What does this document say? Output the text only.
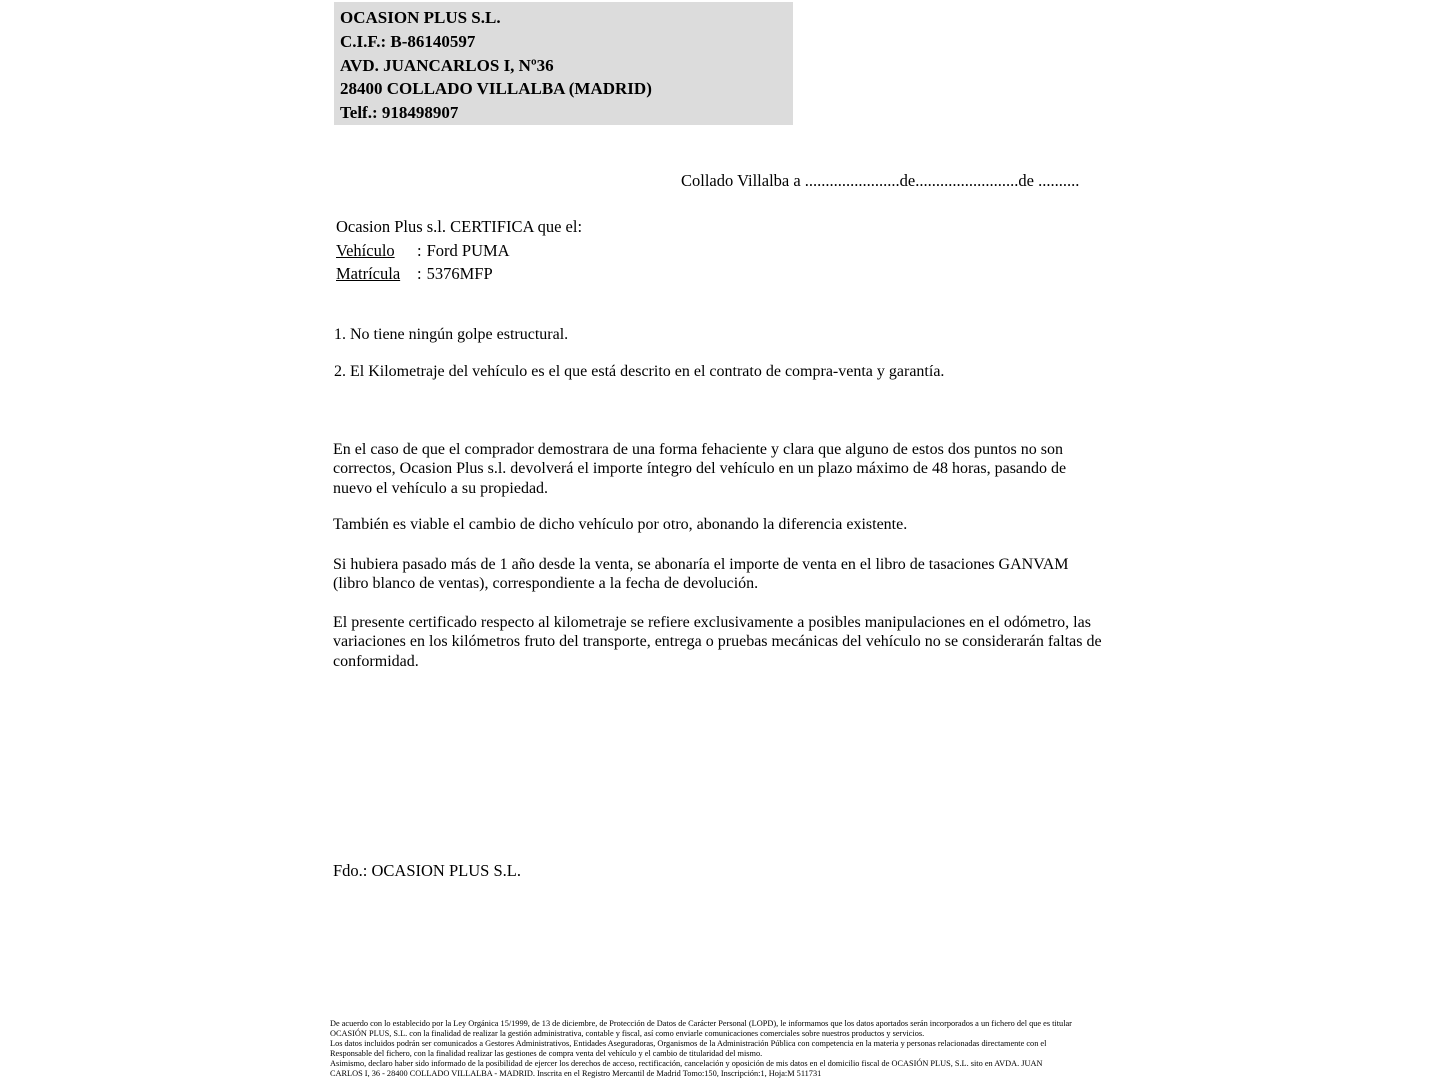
OCASION PLUS S.L.
C.I.F.: B-86140597
AVD. JUANCARLOS I, Nº36
28400 COLLADO VILLALBA (MADRID)
Telf.: 918498907
Collado Villalba a .......................de.........................de ..........
Ocasion Plus s.l. CERTIFICA que el:
Vehículo : Ford PUMA
Matrícula : 5376MFP
1. No tiene ningún golpe estructural.
2. El Kilometraje del vehículo es el que está descrito en el contrato de compra-venta y garantía.
En el caso de que el comprador demostrara de una forma fehaciente y clara que alguno de estos dos puntos no son correctos, Ocasion Plus s.l. devolverá el importe íntegro del vehículo en un plazo máximo de 48 horas, pasando de nuevo el vehículo a su propiedad.
También es viable el cambio de dicho vehículo por otro, abonando la diferencia existente.
Si hubiera pasado más de 1 año desde la venta, se abonaría el importe de venta en el libro de tasaciones GANVAM (libro blanco de ventas), correspondiente a la fecha de devolución.
El presente certificado respecto al kilometraje se refiere exclusivamente a posibles manipulaciones en el odómetro, las variaciones en los kilómetros fruto del transporte, entrega o pruebas mecánicas del vehículo no se considerarán faltas de conformidad.
Fdo.: OCASION PLUS S.L.
De acuerdo con lo establecido por la Ley Orgánica 15/1999, de 13 de diciembre, de Protección de Datos de Carácter Personal (LOPD), le informamos que los datos aportados serán incorporados a un fichero del que es titular
OCASIÓN PLUS, S.L. con la finalidad de realizar la gestión administrativa, contable y fiscal, así como enviarle comunicaciones comerciales sobre nuestros productos y servicios.
Los datos incluidos podrán ser comunicados a Gestores Administrativos, Entidades Aseguradoras, Organismos de la Administración Pública con competencia en la materia y personas relacionadas directamente con el
Responsable del fichero, con la finalidad realizar las gestiones de compra venta del vehículo y el cambio de titularidad del mismo.
Asimismo, declaro haber sido informado de la posibilidad de ejercer los derechos de acceso, rectificación, cancelación y oposición de mis datos en el domicilio fiscal de OCASIÓN PLUS, S.L. sito en AVDA. JUAN
CARLOS I, 36 - 28400 COLLADO VILLALBA - MADRID. Inscrita en el Registro Mercantil de Madrid Tomo:150, Inscripción:1, Hoja:M 511731
